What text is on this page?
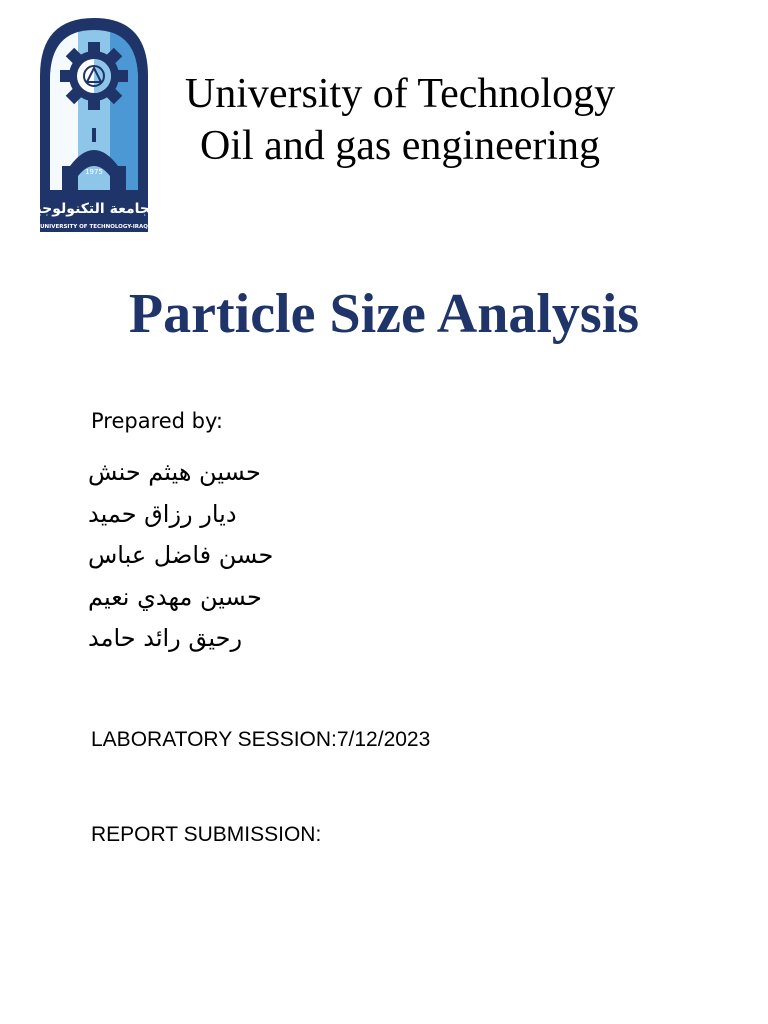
1975
الجامعة التكنولوجية
UNIVERSITY OF TECHNOLOGY-IRAQ
University of Technology
Oil and gas engineering
Particle Size Analysis
Prepared by:
حسين هيثم حنش
ديار رزاق حميد
حسن فاضل عباس
حسين مهدي نعيم
رحيق رائد حامد
LABORATORY SESSION:7/12/2023
REPORT SUBMISSION:
